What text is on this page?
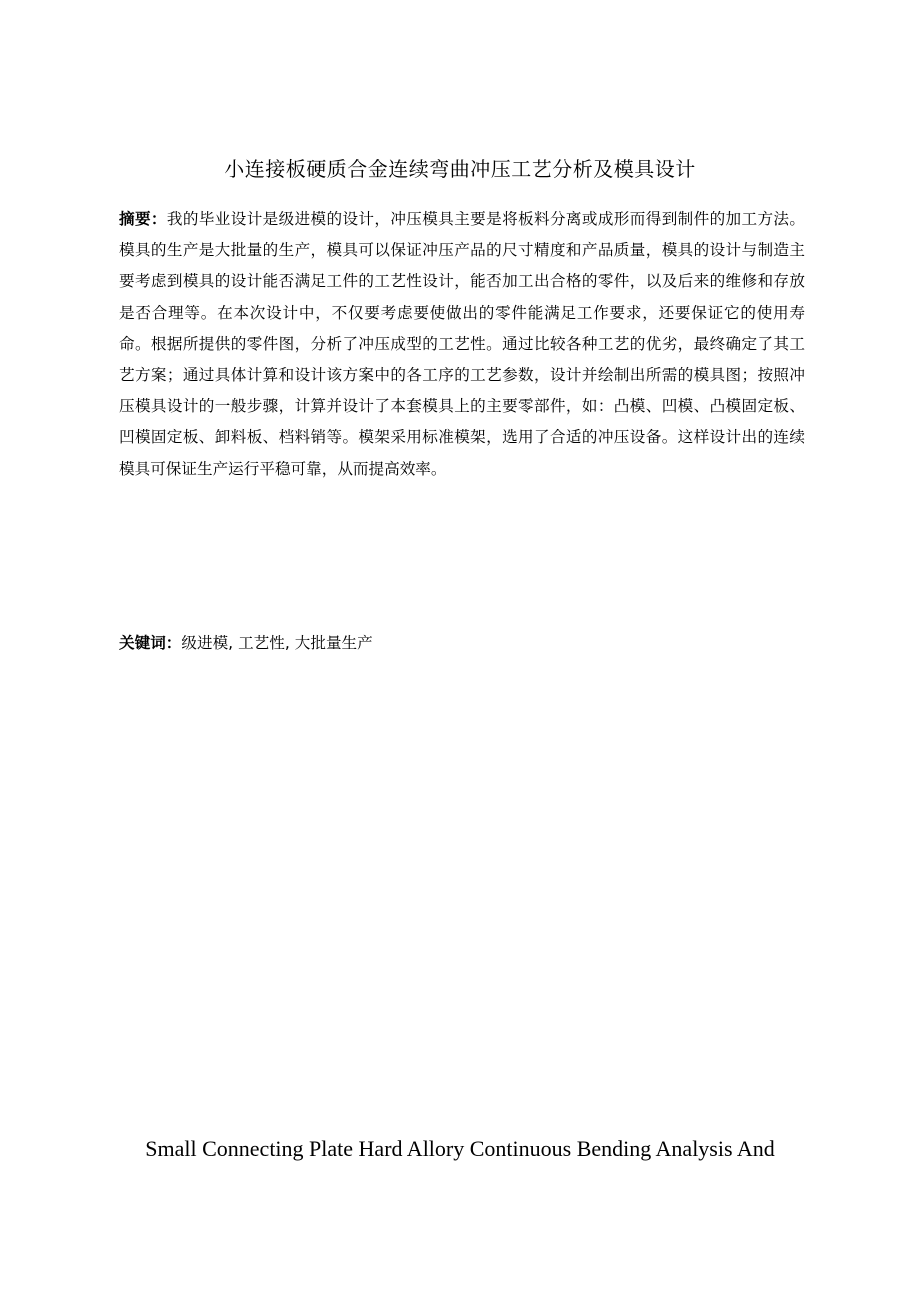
小连接板硬质合金连续弯曲冲压工艺分析及模具设计

摘要：我的毕业设计是级进模的设计，冲压模具主要是将板料分离或成形而得到制件的加工方法。模具的生产是大批量的生产，模具可以保证冲压产品的尺寸精度和产品质量，模具的设计与制造主要考虑到模具的设计能否满足工件的工艺性设计，能否加工出合格的零件，以及后来的维修和存放是否合理等。在本次设计中，不仅要考虑要使做出的零件能满足工作要求，还要保证它的使用寿命。根据所提供的零件图，分析了冲压成型的工艺性。通过比较各种工艺的优劣，最终确定了其工艺方案；通过具体计算和设计该方案中的各工序的工艺参数，设计并绘制出所需的模具图；按照冲压模具设计的一般步骤，计算并设计了本套模具上的主要零部件，如：凸模、凹模、凸模固定板、凹模固定板、卸料板、档料销等。模架采用标准模架，选用了合适的冲压设备。这样设计出的连续模具可保证生产运行平稳可靠，从而提高效率。

关键词：级进模, 工艺性, 大批量生产

Small Connecting Plate Hard Allory Continuous Bending Analysis And
